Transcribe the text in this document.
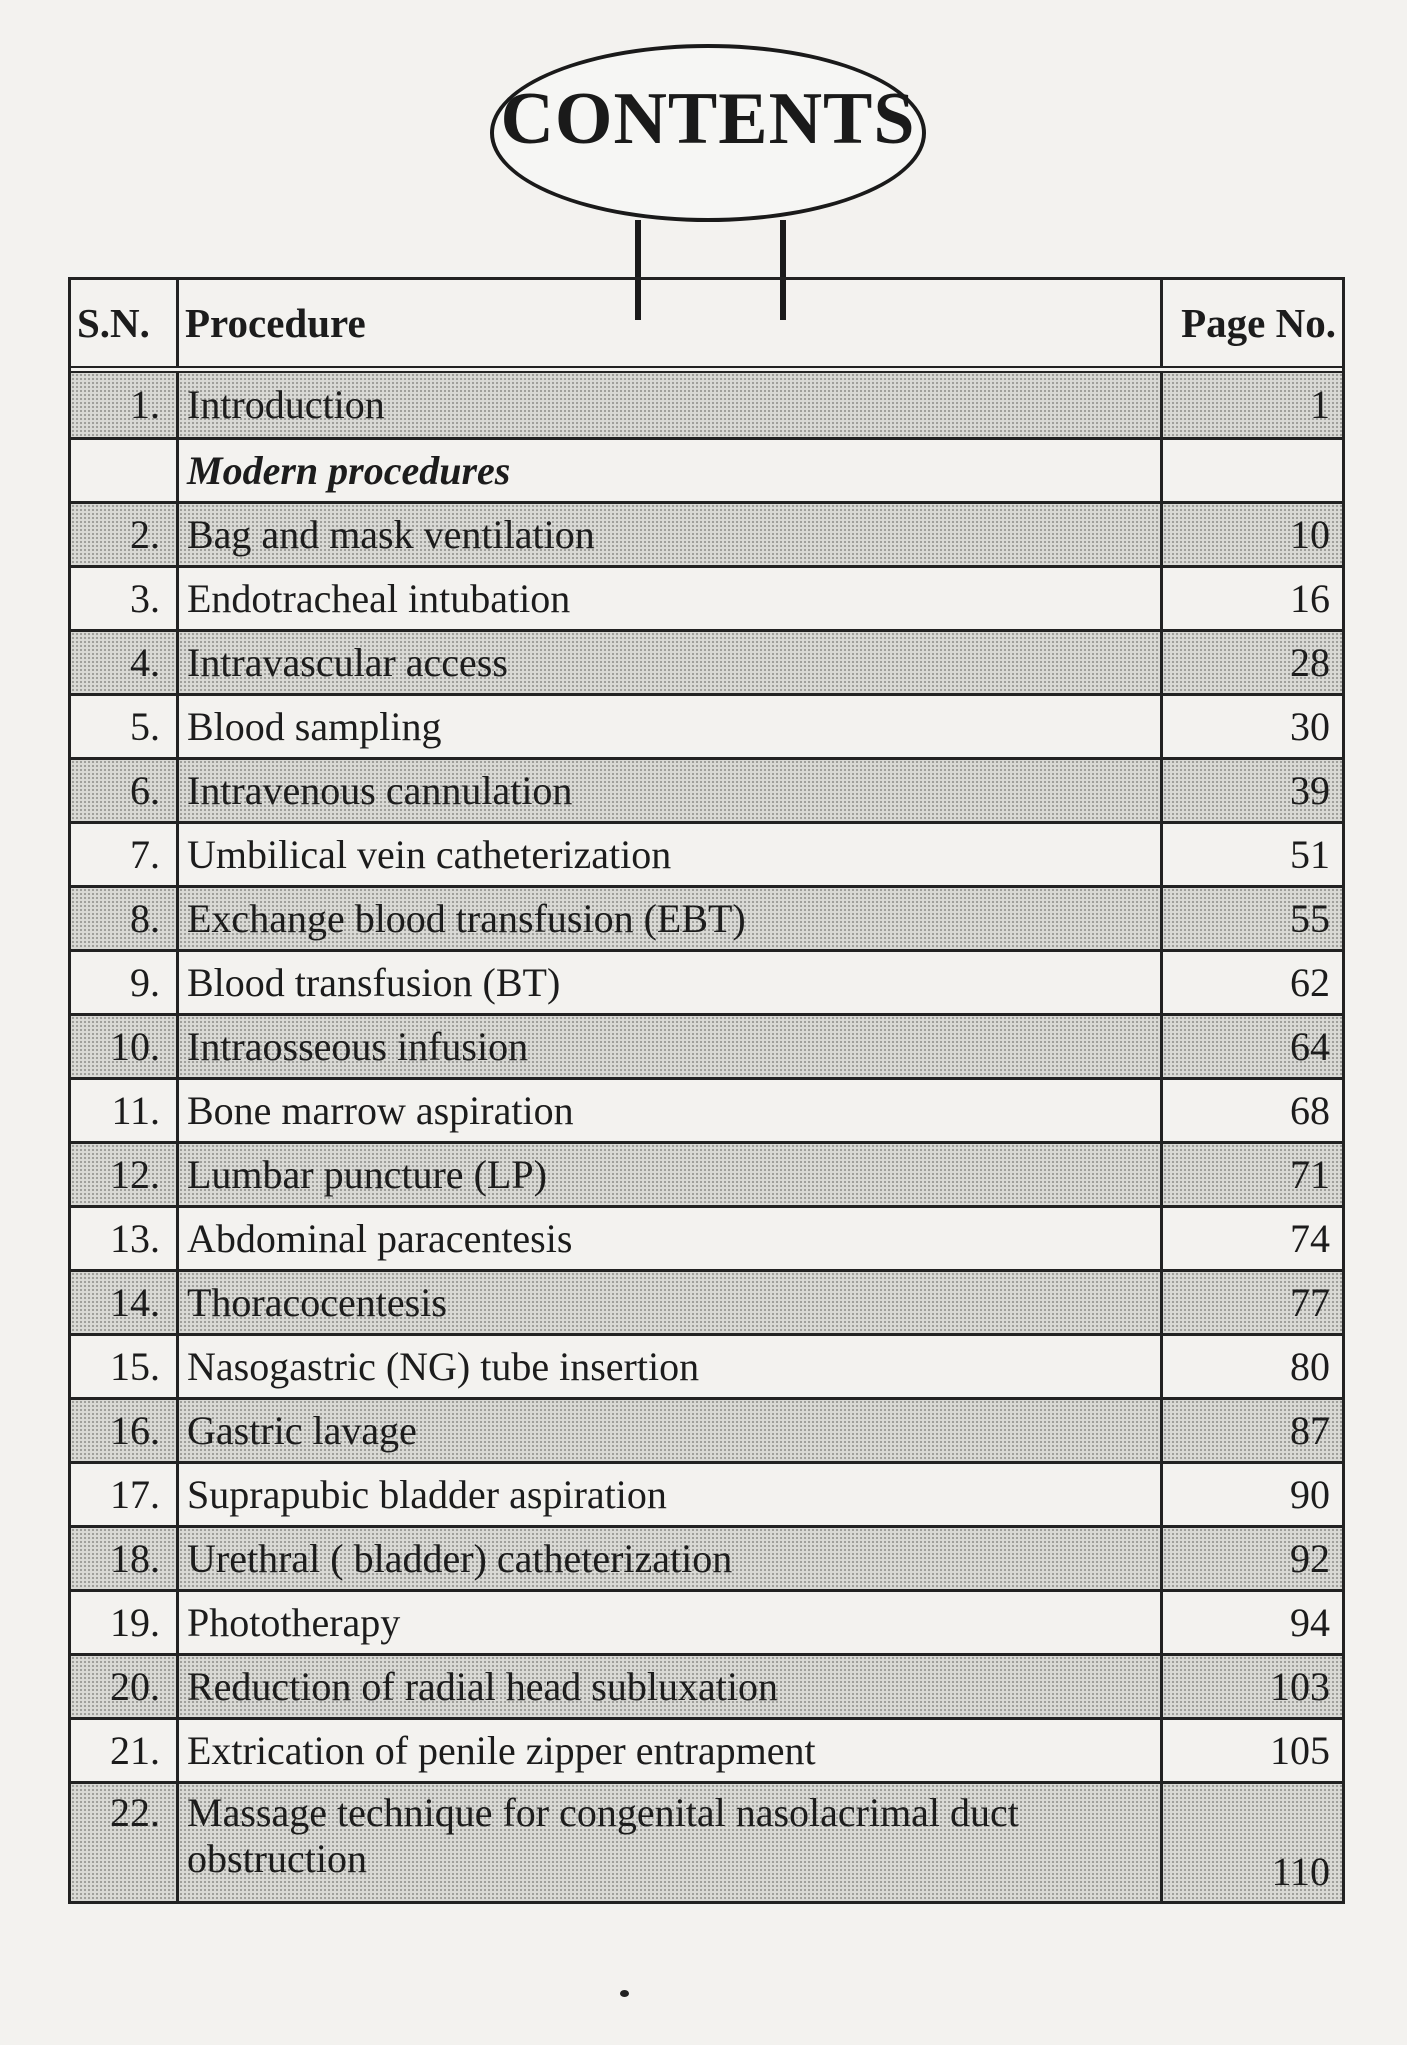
CONTENTS
S.N. Procedure	Page No.
1. Introduction	1
Modern procedures
2. Bag and mask ventilation	10
3. Endotracheal intubation	16
4. Intravascular access	28
5. Blood sampling	30
6. Intravenous cannulation	39
7. Umbilical vein catheterization	51
8. Exchange blood transfusion (EBT)	55
9. Blood transfusion (BT)	62
10. Intraosseous infusion	64
11. Bone marrow aspiration	68
12. Lumbar puncture (LP)	71
13. Abdominal paracentesis	74
14. Thoracocentesis	77
15. Nasogastric (NG) tube insertion	80
16. Gastric lavage	87
17. Suprapubic bladder aspiration	90
18. Urethral ( bladder) catheterization	92
19. Phototherapy	94
20. Reduction of radial head subluxation	103
21. Extrication of penile zipper entrapment	105
22. Massage technique for congenital nasolacrimal duct obstruction	110
